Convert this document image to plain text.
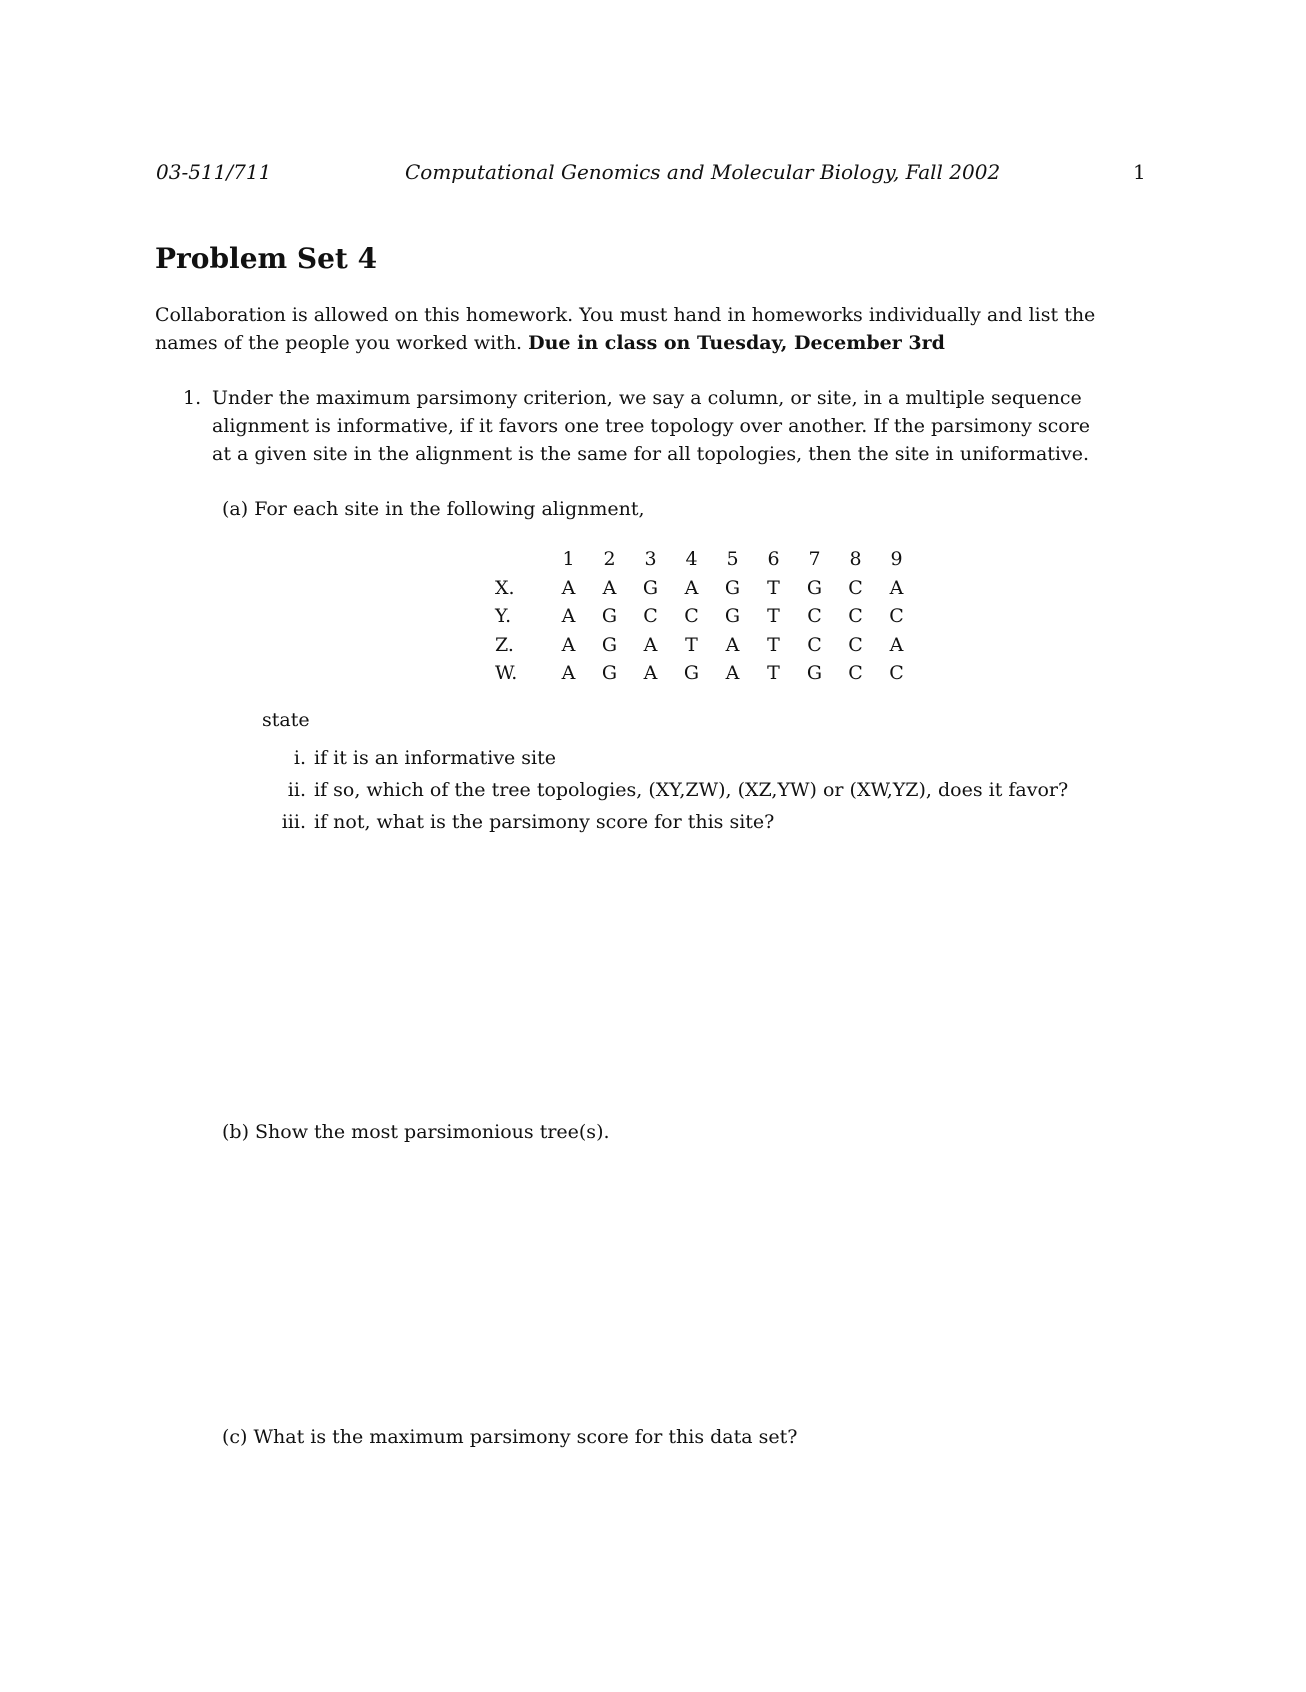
03-511/711	Computational Genomics and Molecular Biology, Fall 2002	1
Problem Set 4
Collaboration is allowed on this homework. You must hand in homeworks individually and list the
names of the people you worked with. Due in class on Tuesday, December 3rd
1. Under the maximum parsimony criterion, we say a column, or site, in a multiple sequence
alignment is informative, if it favors one tree topology over another. If the parsimony score
at a given site in the alignment is the same for all topologies, then the site in uniformative.
(a) For each site in the following alignment,
1	2	3	4	5	6	7	8	9
X.	A	A	G	A	G	T	G	C	A
Y.	A	G	C	C	G	T	C	C	C
Z.	A	G	A	T	A	T	C	C	A
W.	A	G	A	G	A	T	G	C	C
state
i. if it is an informative site
ii. if so, which of the tree topologies, (XY,ZW), (XZ,YW) or (XW,YZ), does it favor?
iii. if not, what is the parsimony score for this site?
(b) Show the most parsimonious tree(s).
(c) What is the maximum parsimony score for this data set?
